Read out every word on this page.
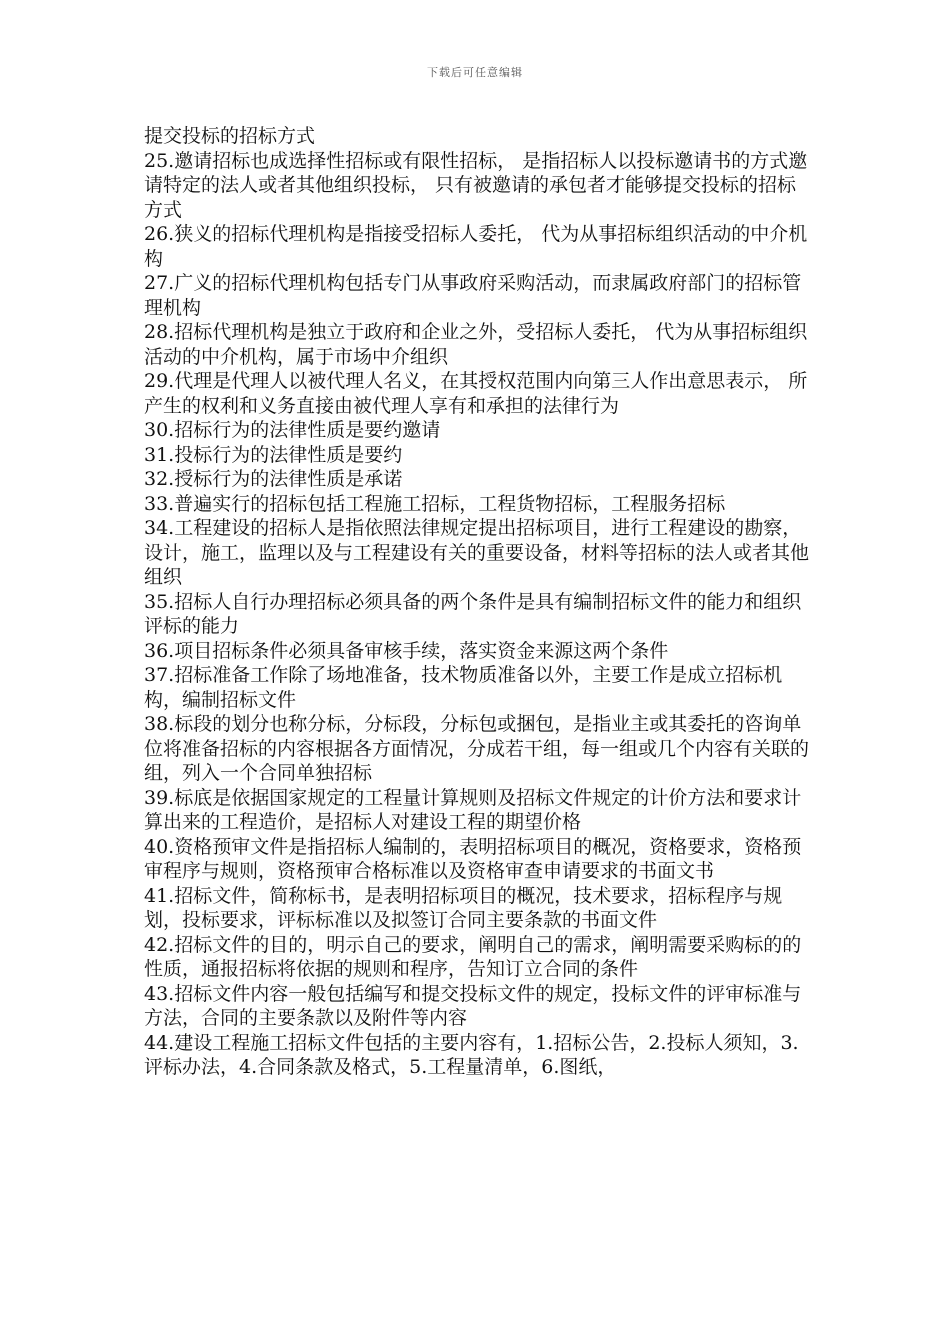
下载后可任意编辑

提交投标的招标方式

25.邀请招标也成选择性招标或有限性招标， 是指招标人以投标邀请书的方式邀请特定的法人或者其他组织投标， 只有被邀请的承包者才能够提交投标的招标方式

26.狭义的招标代理机构是指接受招标人委托， 代为从事招标组织活动的中介机构

27.广义的招标代理机构包括专门从事政府采购活动，而隶属政府部门的招标管理机构

28.招标代理机构是独立于政府和企业之外，受招标人委托， 代为从事招标组织活动的中介机构，属于市场中介组织

29.代理是代理人以被代理人名义，在其授权范围内向第三人作出意思表示， 所产生的权利和义务直接由被代理人享有和承担的法律行为

30.招标行为的法律性质是要约邀请

31.投标行为的法律性质是要约

32.授标行为的法律性质是承诺

33.普遍实行的招标包括工程施工招标，工程货物招标，工程服务招标

34.工程建设的招标人是指依照法律规定提出招标项目，进行工程建设的勘察，设计，施工，监理以及与工程建设有关的重要设备，材料等招标的法人或者其他组织

35.招标人自行办理招标必须具备的两个条件是具有编制招标文件的能力和组织评标的能力

36.项目招标条件必须具备审核手续，落实资金来源这两个条件

37.招标准备工作除了场地准备，技术物质准备以外，主要工作是成立招标机构，编制招标文件

38.标段的划分也称分标，分标段，分标包或捆包，是指业主或其委托的咨询单位将准备招标的内容根据各方面情况，分成若干组，每一组或几个内容有关联的组，列入一个合同单独招标

39.标底是依据国家规定的工程量计算规则及招标文件规定的计价方法和要求计算出来的工程造价，是招标人对建设工程的期望价格

40.资格预审文件是指招标人编制的，表明招标项目的概况，资格要求，资格预审程序与规则，资格预审合格标准以及资格审查申请要求的书面文书

41.招标文件，简称标书，是表明招标项目的概况，技术要求，招标程序与规划，投标要求，评标标准以及拟签订合同主要条款的书面文件

42.招标文件的目的，明示自己的要求，阐明自己的需求，阐明需要采购标的的性质，通报招标将依据的规则和程序，告知订立合同的条件

43.招标文件内容一般包括编写和提交投标文件的规定，投标文件的评审标准与方法，合同的主要条款以及附件等内容

44.建设工程施工招标文件包括的主要内容有，1.招标公告，2.投标人须知，3.评标办法，4.合同条款及格式，5.工程量清单，6.图纸，
